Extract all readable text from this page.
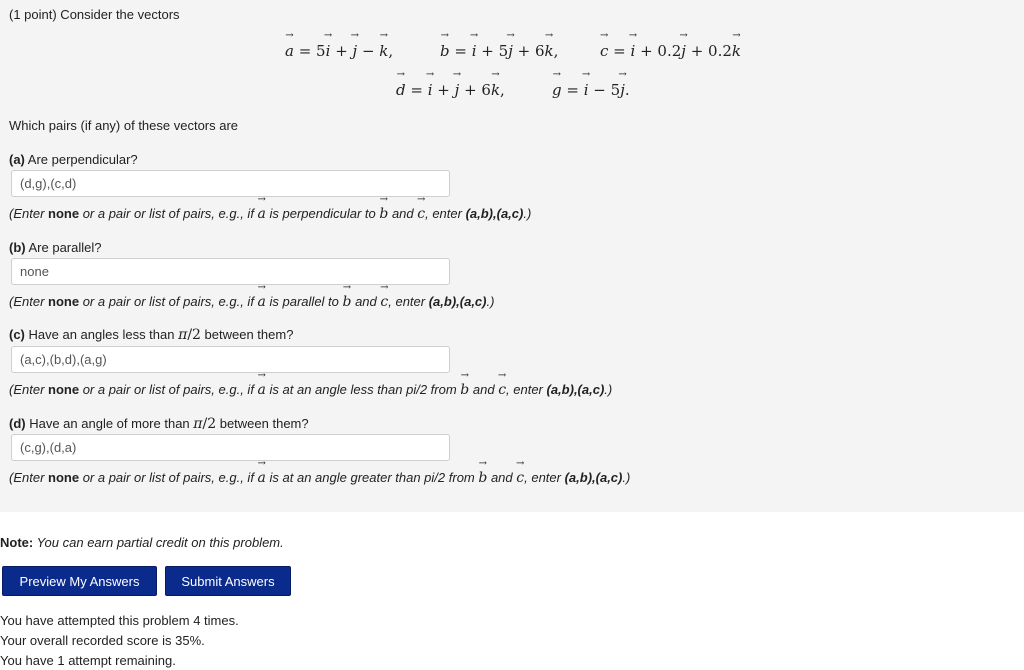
(1 point) Consider the vectors
→ a = 5→ i + → j − → k,	→ b = → i + 5→ j + 6→ k,	→ c = → i + 0.2→ j + 0.2→ k
→ d = → i + → j + 6→ k,	→ g = → i − 5→ j.
Which pairs (if any) of these vectors are
(a) Are perpendicular?
(d,g),(c,d)
(Enter none or a pair or list of pairs, e.g., if → a is perpendicular to → b and → c, enter (a,b),(a,c).)
(b) Are parallel?
none
(Enter none or a pair or list of pairs, e.g., if → a is parallel to → b and → c, enter (a,b),(a,c).)
(c) Have an angles less than π/2 between them?
(a,c),(b,d),(a,g)
(Enter none or a pair or list of pairs, e.g., if → a is at an angle less than pi/2 from → b and → c, enter (a,b),(a,c).)
(d) Have an angle of more than π/2 between them?
(c,g),(d,a)
(Enter none or a pair or list of pairs, e.g., if → a is at an angle greater than pi/2 from → b and → c, enter (a,b),(a,c).)
Note: You can earn partial credit on this problem.
Preview My Answers	Submit Answers
You have attempted this problem 4 times.
Your overall recorded score is 35%.
You have 1 attempt remaining.
